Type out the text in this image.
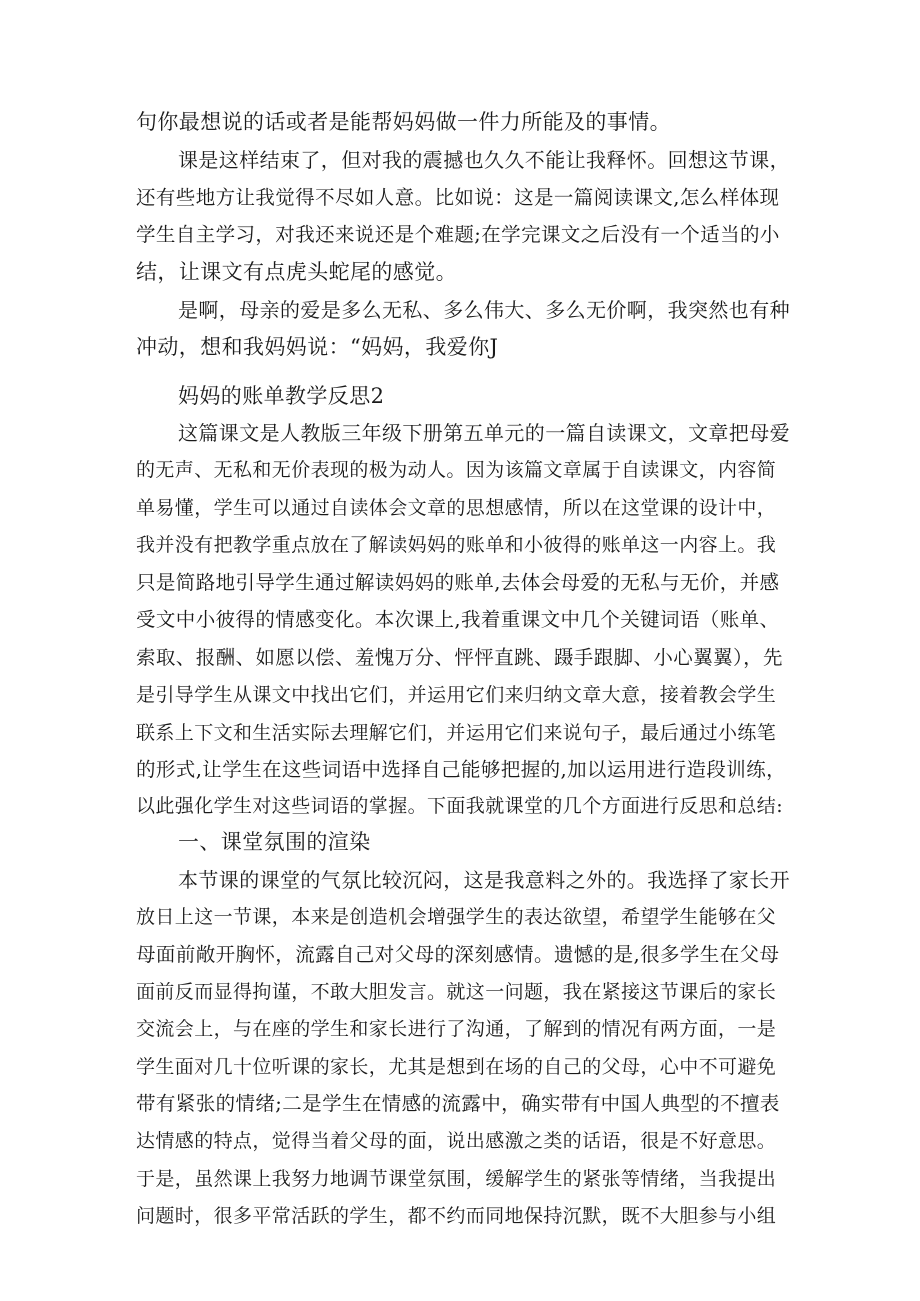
句你最想说的话或者是能帮妈妈做一件力所能及的事情。
课是这样结束了，但对我的震撼也久久不能让我释怀。回想这节课，
还有些地方让我觉得不尽如人意。比如说：这是一篇阅读课文,怎么样体现
学生自主学习，对我还来说还是个难题;在学完课文之后没有一个适当的小
结，让课文有点虎头蛇尾的感觉。
是啊，母亲的爱是多么无私、多么伟大、多么无价啊，我突然也有种
冲动，想和我妈妈说：“妈妈，我爱你J
妈妈的账单教学反思2
这篇课文是人教版三年级下册第五单元的一篇自读课文，文章把母爱
的无声、无私和无价表现的极为动人。因为该篇文章属于自读课文，内容简
单易懂，学生可以通过自读体会文章的思想感情，所以在这堂课的设计中，
我并没有把教学重点放在了解读妈妈的账单和小彼得的账单这一内容上。我
只是简路地引导学生通过解读妈妈的账单,去体会母爱的无私与无价，并感
受文中小彼得的情感变化。本次课上,我着重课文中几个关键词语（账单、
索取、报酬、如愿以偿、羞愧万分、怦怦直跳、蹑手跟脚、小心翼翼），先
是引导学生从课文中找出它们，并运用它们来归纳文章大意，接着教会学生
联系上下文和生活实际去理解它们，并运用它们来说句子，最后通过小练笔
的形式,让学生在这些词语中选择自己能够把握的,加以运用进行造段训练，
以此强化学生对这些词语的掌握。下面我就课堂的几个方面进行反思和总结:
一、课堂氛围的渲染
本节课的课堂的气氛比较沉闷，这是我意料之外的。我选择了家长开
放日上这一节课，本来是创造机会增强学生的表达欲望，希望学生能够在父
母面前敞开胸怀，流露自己对父母的深刻感情。遗憾的是,很多学生在父母
面前反而显得拘谨，不敢大胆发言。就这一问题，我在紧接这节课后的家长
交流会上，与在座的学生和家长进行了沟通，了解到的情况有两方面，一是
学生面对几十位听课的家长，尤其是想到在场的自己的父母，心中不可避免
带有紧张的情绪;二是学生在情感的流露中，确实带有中国人典型的不擅表
达情感的特点，觉得当着父母的面，说出感激之类的话语，很是不好意思。
于是，虽然课上我努力地调节课堂氛围，缓解学生的紧张等情绪，当我提出
问题时，很多平常活跃的学生，都不约而同地保持沉默，既不大胆参与小组
